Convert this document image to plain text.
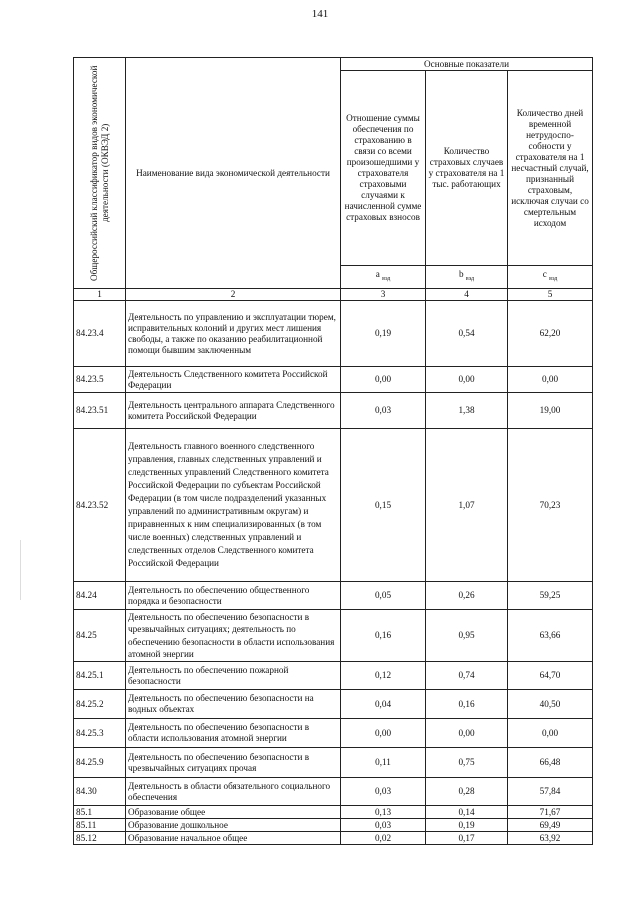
141
Общероссийский классификатор видов экономической деятельности (ОКВЭД 2)	Наименование вида экономической деятельности	Основные показатели		
		Отношение суммы обеспечения по страхованию в связи со всеми произошедшими у страхователя страховыми случаями к начисленной сумме страховых взносов	Количество страховых случаев у страхователя на 1 тыс. работающих	Количество дней временной нетрудоспо-собности у страхователя на 1 несчастный случай, признанный страховым, исключая случаи со смертельным исходом
		a $_{вэд}$	b $_{вэд}$	c $_{вэд}$
1	2	3	4	5
84.23.4	Деятельность по управлению и эксплуатации тюрем, исправительных колоний и других мест лишения свободы, а также по оказанию реабилитационной помощи бывшим заключенным	0,19	0,54	62,20
84.23.5	Деятельность Следственного комитета Российской Федерации	0,00	0,00	0,00
84.23.51	Деятельность центрального аппарата Следственного комитета Российской Федерации	0,03	1,38	19,00
84.23.52	Деятельность главного военного следственного управления, главных следственных управлений и следственных управлений Следственного комитета Российской Федерации по субъектам Российской Федерации (в том числе подразделений указанных управлений по административным округам) и приравненных к ним специализированных (в том числе военных) следственных управлений и следственных отделов Следственного комитета Российской Федерации	0,15	1,07	70,23
84.24	Деятельность по обеспечению общественного порядка и безопасности	0,05	0,26	59,25
84.25	Деятельность по обеспечению безопасности в чрезвычайных ситуациях; деятельность по обеспечению безопасности в области использования атомной энергии	0,16	0,95	63,66
84.25.1	Деятельность по обеспечению пожарной безопасности	0,12	0,74	64,70
84.25.2	Деятельность по обеспечению безопасности на водных объектах	0,04	0,16	40,50
84.25.3	Деятельность по обеспечению безопасности в области использования атомной энергии	0,00	0,00	0,00
84.25.9	Деятельность по обеспечению безопасности в чрезвычайных ситуациях прочая	0,11	0,75	66,48
84.30	Деятельность в области обязательного социального обеспечения	0,03	0,28	57,84
85.1	Образование общее	0,13	0,14	71,67
85.11	Образование дошкольное	0,03	0,19	69,49
85.12	Образование начальное общее	0,02	0,17	63,92
